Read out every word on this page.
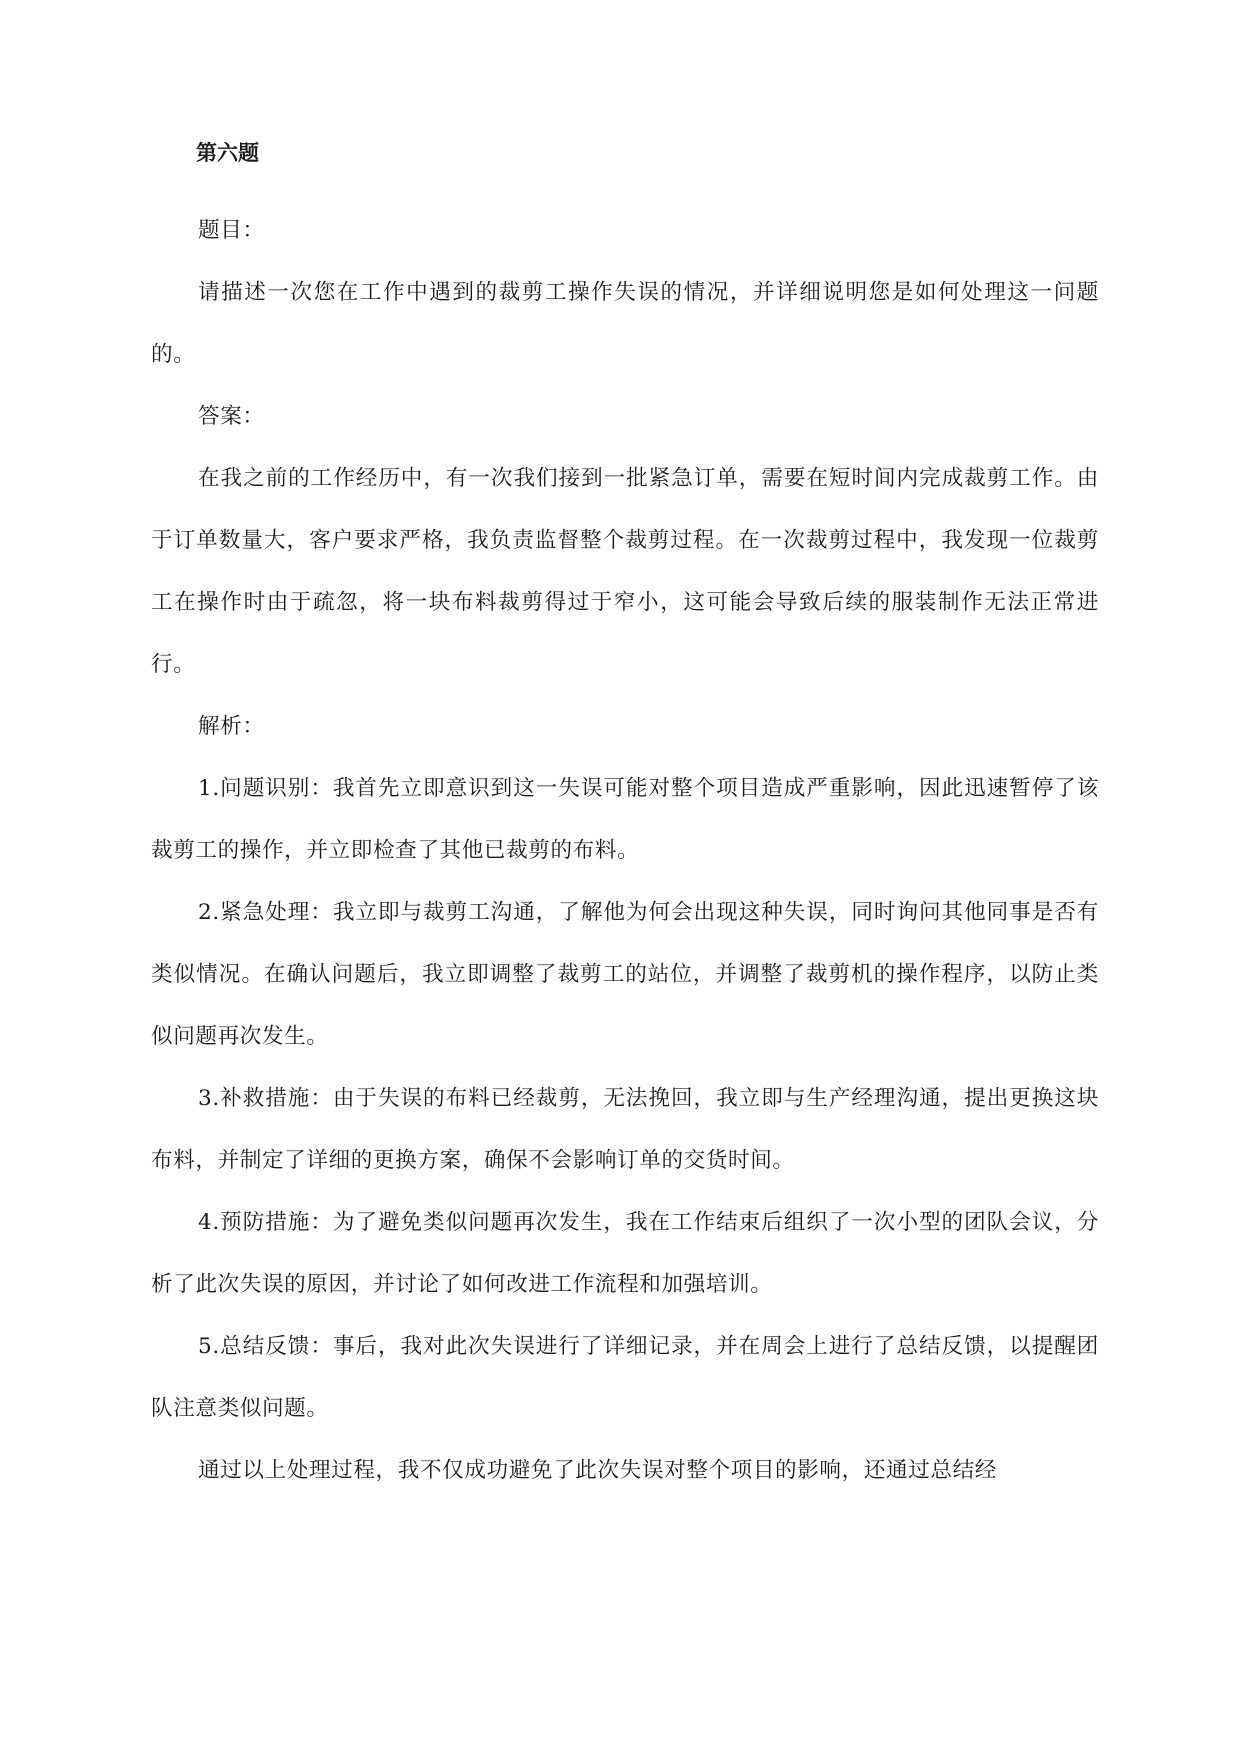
第六题

题目：

请描述一次您在工作中遇到的裁剪工操作失误的情况，并详细说明您是如何处理这一问题的。

答案：

在我之前的工作经历中，有一次我们接到一批紧急订单，需要在短时间内完成裁剪工作。由于订单数量大，客户要求严格，我负责监督整个裁剪过程。在一次裁剪过程中，我发现一位裁剪工在操作时由于疏忽，将一块布料裁剪得过于窄小，这可能会导致后续的服装制作无法正常进行。

解析：

1.问题识别：我首先立即意识到这一失误可能对整个项目造成严重影响，因此迅速暂停了该裁剪工的操作，并立即检查了其他已裁剪的布料。

2.紧急处理：我立即与裁剪工沟通，了解他为何会出现这种失误，同时询问其他同事是否有类似情况。在确认问题后，我立即调整了裁剪工的站位，并调整了裁剪机的操作程序，以防止类似问题再次发生。

3.补救措施：由于失误的布料已经裁剪，无法挽回，我立即与生产经理沟通，提出更换这块布料，并制定了详细的更换方案，确保不会影响订单的交货时间。

4.预防措施：为了避免类似问题再次发生，我在工作结束后组织了一次小型的团队会议，分析了此次失误的原因，并讨论了如何改进工作流程和加强培训。

5.总结反馈：事后，我对此次失误进行了详细记录，并在周会上进行了总结反馈，以提醒团队注意类似问题。

通过以上处理过程，我不仅成功避免了此次失误对整个项目的影响，还通过总结经
